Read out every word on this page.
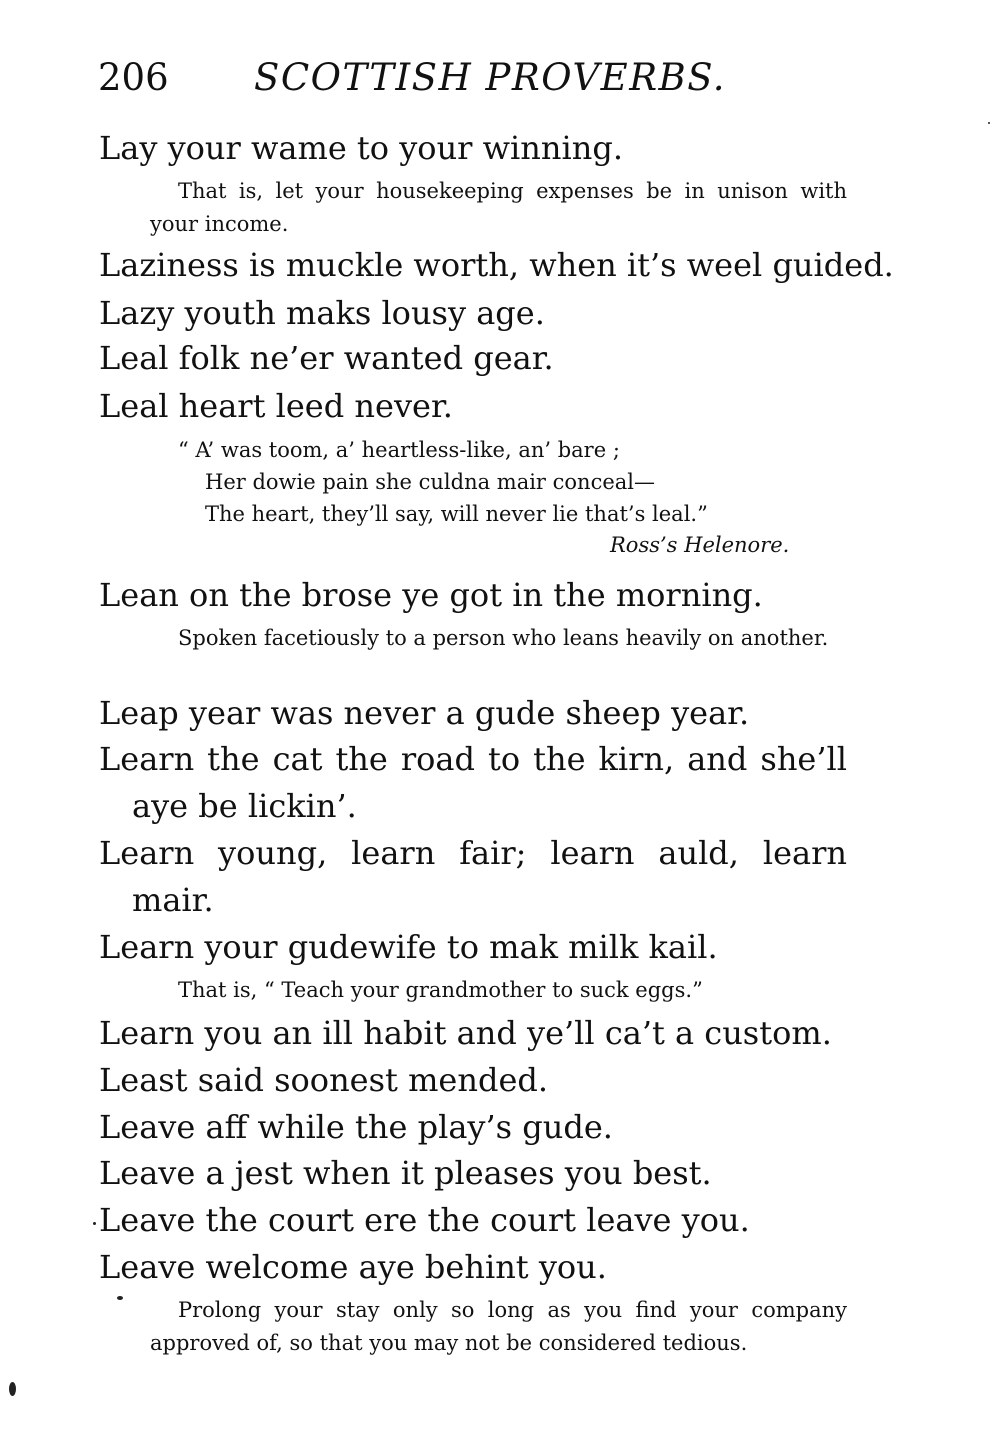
206 SCOTTISH PROVERBS.
Lay your wame to your winning.
That is, let your housekeeping expenses be in unison with your income.
Laziness is muckle worth, when it’s weel guided.
Lazy youth maks lousy age.
Leal folk ne’er wanted gear.
Leal heart leed never.
“ A’ was toom, a’ heartless-like, an’ bare ;
Her dowie pain she culdna mair conceal—
The heart, they’ll say, will never lie that’s leal.”
Ross’s Helenore.
Lean on the brose ye got in the morning.
Spoken facetiously to a person who leans heavily on another.
Leap year was never a gude sheep year.
Learn the cat the road to the kirn, and she’ll aye be lickin’.
Learn young, learn fair; learn auld, learn mair.
Learn your gudewife to mak milk kail.
That is, “ Teach your grandmother to suck eggs.”
Learn you an ill habit and ye’ll ca’t a custom.
Least said soonest mended.
Leave aff while the play’s gude.
Leave a jest when it pleases you best.
Leave the court ere the court leave you.
Leave welcome aye behint you.
Prolong your stay only so long as you find your company approved of, so that you may not be considered tedious.
